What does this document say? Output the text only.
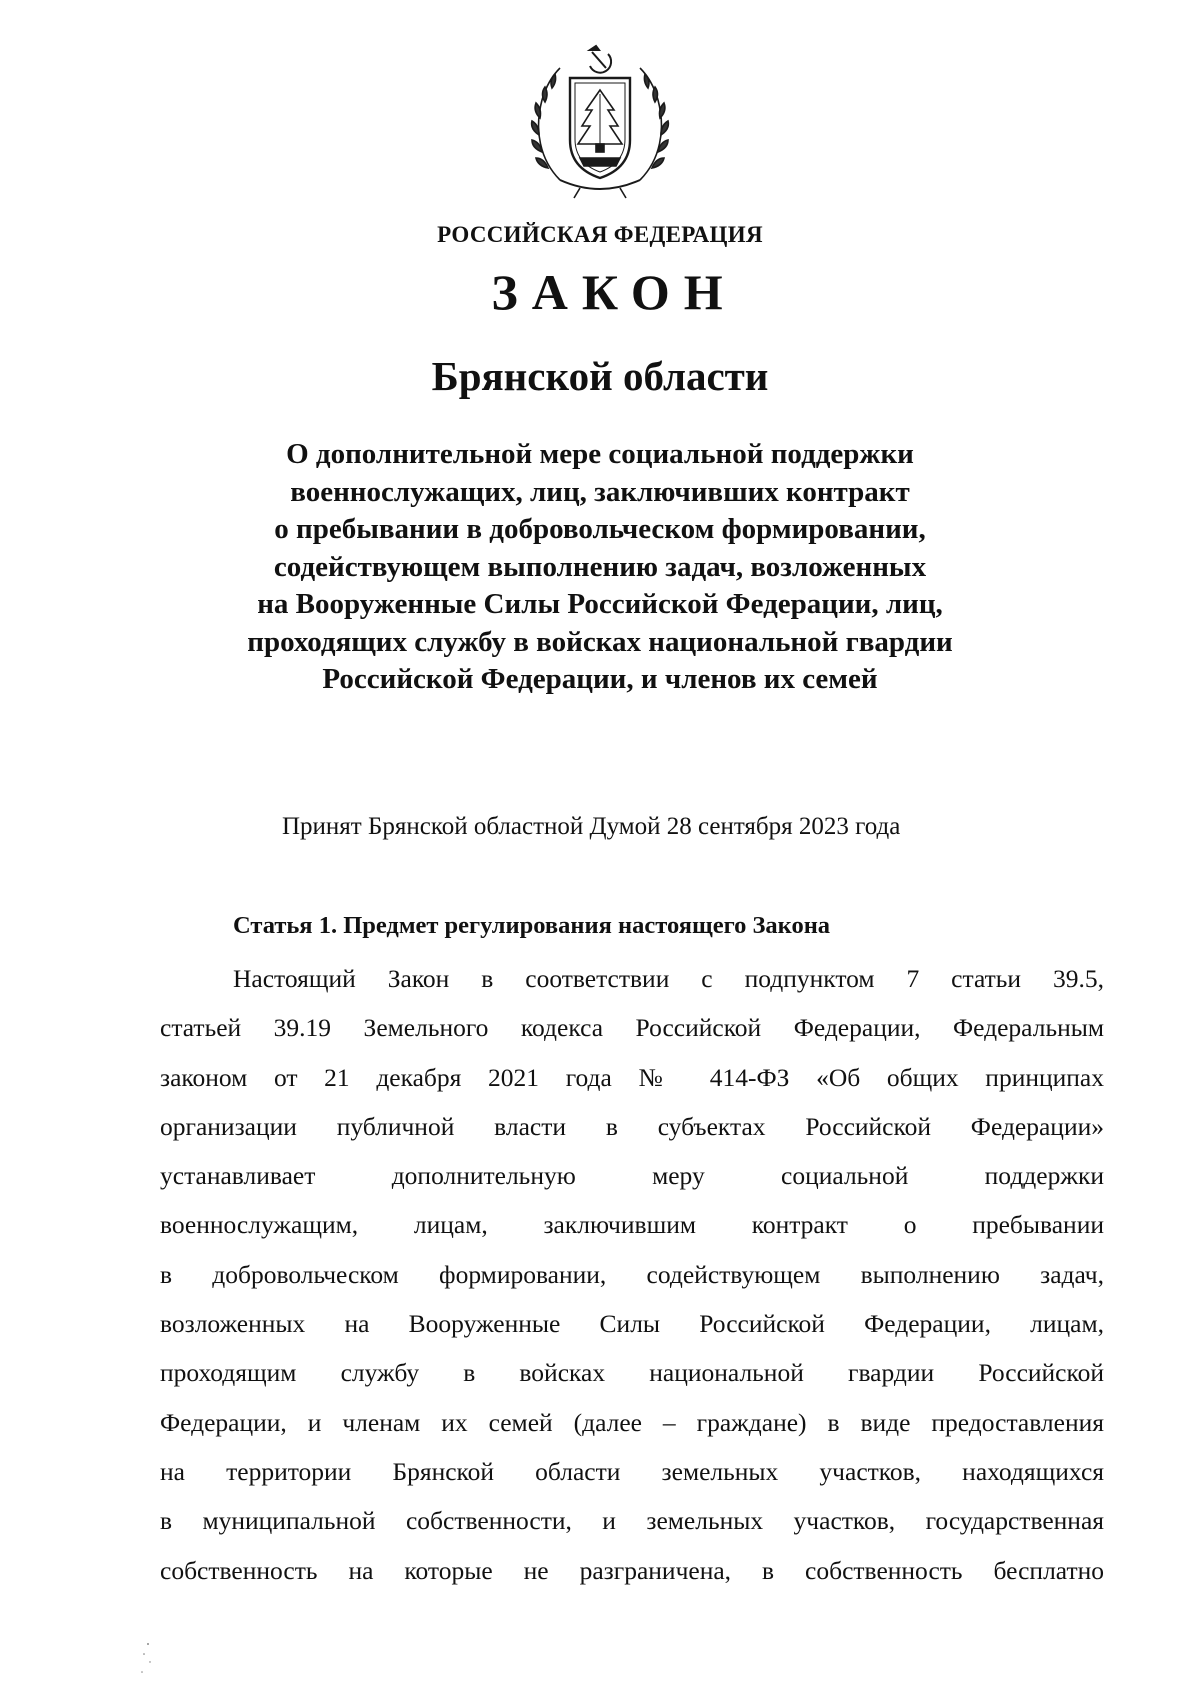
РОССИЙСКАЯ ФЕДЕРАЦИЯ

ЗАКОН

Брянской области

О дополнительной мере социальной поддержки
военнослужащих, лиц, заключивших контракт
о пребывании в добровольческом формировании,
содействующем выполнению задач, возложенных
на Вооруженные Силы Российской Федерации, лиц,
проходящих службу в войсках национальной гвардии
Российской Федерации, и членов их семей

Принят Брянской областной Думой 28 сентября 2023 года

Статья 1. Предмет регулирования настоящего Закона

Настоящий Закон в соответствии с подпунктом 7 статьи 39.5,
статьей 39.19 Земельного кодекса Российской Федерации, Федеральным
законом от 21 декабря 2021 года № 414-ФЗ «Об общих принципах
организации публичной власти в субъектах Российской Федерации»
устанавливает дополнительную меру социальной поддержки
военнослужащим, лицам, заключившим контракт о пребывании
в добровольческом формировании, содействующем выполнению задач,
возложенных на Вооруженные Силы Российской Федерации, лицам,
проходящим службу в войсках национальной гвардии Российской
Федерации, и членам их семей (далее – граждане) в виде предоставления
на территории Брянской области земельных участков, находящихся
в муниципальной собственности, и земельных участков, государственная
собственность на которые не разграничена, в собственность бесплатно
